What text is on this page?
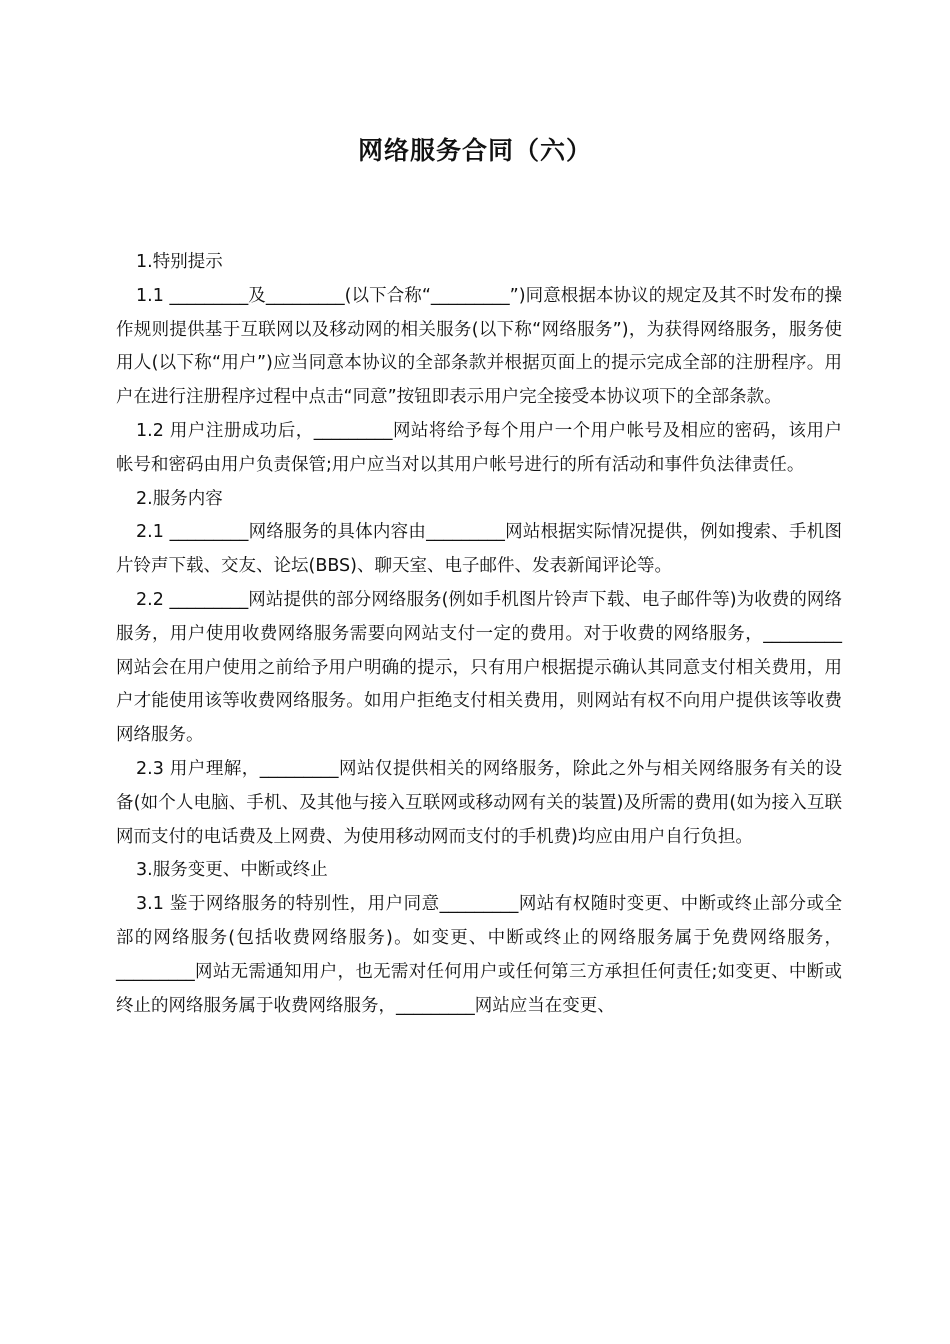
网络服务合同（六）

1.特别提示

1.1 _________及_________(以下合称“_________”)同意根据本协议的规定及其不时发布的操作规则提供基于互联网以及移动网的相关服务(以下称“网络服务”)，为获得网络服务，服务使用人(以下称“用户”)应当同意本协议的全部条款并根据页面上的提示完成全部的注册程序。用户在进行注册程序过程中点击“同意”按钮即表示用户完全接受本协议项下的全部条款。

1.2 用户注册成功后，_________网站将给予每个用户一个用户帐号及相应的密码，该用户帐号和密码由用户负责保管;用户应当对以其用户帐号进行的所有活动和事件负法律责任。

2.服务内容

2.1 _________网络服务的具体内容由_________网站根据实际情况提供，例如搜索、手机图片铃声下载、交友、论坛(BBS)、聊天室、电子邮件、发表新闻评论等。

2.2 _________网站提供的部分网络服务(例如手机图片铃声下载、电子邮件等)为收费的网络服务，用户使用收费网络服务需要向网站支付一定的费用。对于收费的网络服务，_________网站会在用户使用之前给予用户明确的提示，只有用户根据提示确认其同意支付相关费用，用户才能使用该等收费网络服务。如用户拒绝支付相关费用，则网站有权不向用户提供该等收费网络服务。

2.3 用户理解，_________网站仅提供相关的网络服务，除此之外与相关网络服务有关的设备(如个人电脑、手机、及其他与接入互联网或移动网有关的装置)及所需的费用(如为接入互联网而支付的电话费及上网费、为使用移动网而支付的手机费)均应由用户自行负担。

3.服务变更、中断或终止

3.1 鉴于网络服务的特别性，用户同意_________网站有权随时变更、中断或终止部分或全部的网络服务(包括收费网络服务)。如变更、中断或终止的网络服务属于免费网络服务，_________网站无需通知用户，也无需对任何用户或任何第三方承担任何责任;如变更、中断或终止的网络服务属于收费网络服务，_________网站应当在变更、
